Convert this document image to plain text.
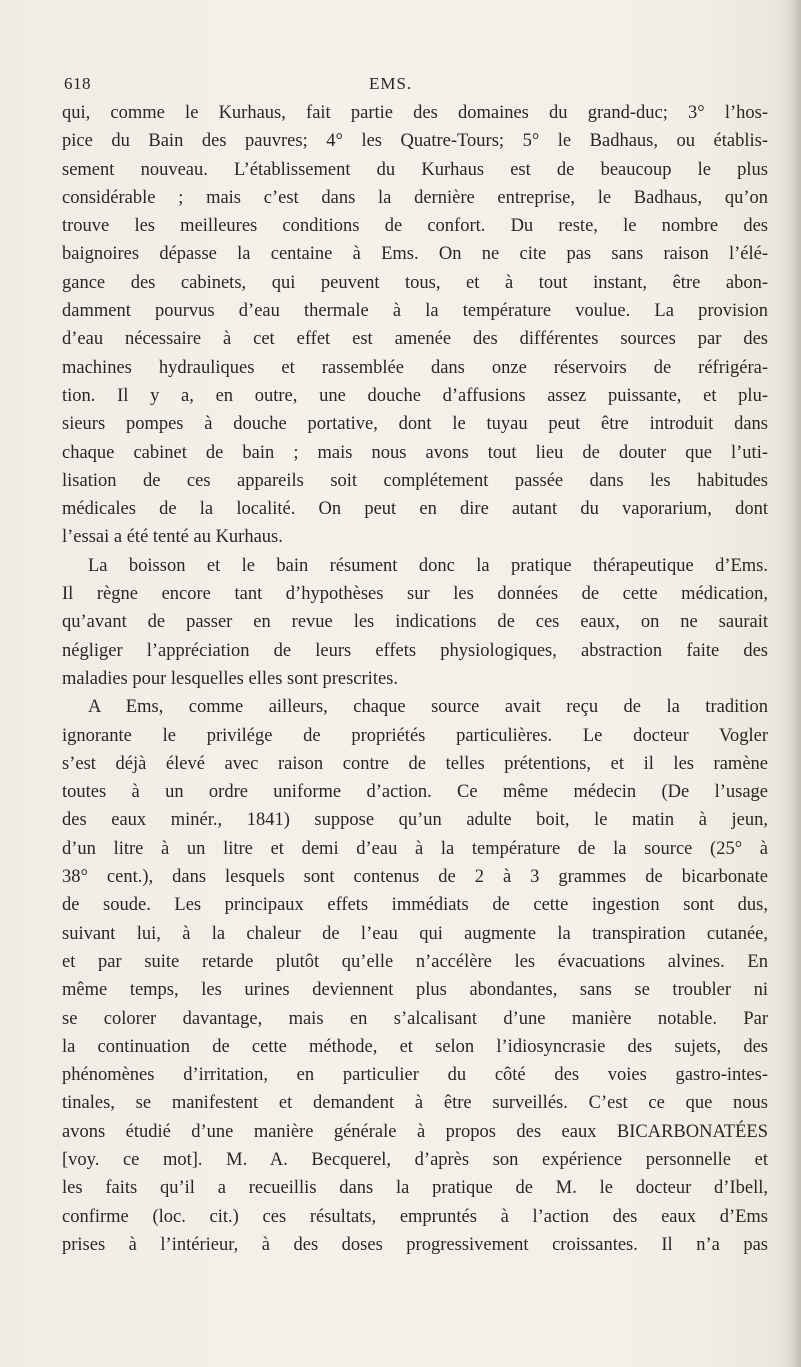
618	EMS.
qui, comme le Kurhaus, fait partie des domaines du grand-duc; 3° l’hos-
pice du Bain des pauvres; 4° les Quatre-Tours; 5° le Badhaus, ou établis-
sement nouveau. L’établissement du Kurhaus est de beaucoup le plus
considérable ; mais c’est dans la dernière entreprise, le Badhaus, qu’on
trouve les meilleures conditions de confort. Du reste, le nombre des
baignoires dépasse la centaine à Ems. On ne cite pas sans raison l’élé-
gance des cabinets, qui peuvent tous, et à tout instant, être abon-
damment pourvus d’eau thermale à la température voulue. La provision
d’eau nécessaire à cet effet est amenée des différentes sources par des
machines hydrauliques et rassemblée dans onze réservoirs de réfrigéra-
tion. Il y a, en outre, une douche d’affusions assez puissante, et plu-
sieurs pompes à douche portative, dont le tuyau peut être introduit dans
chaque cabinet de bain ; mais nous avons tout lieu de douter que l’uti-
lisation de ces appareils soit complétement passée dans les habitudes
médicales de la localité. On peut en dire autant du vaporarium, dont
l’essai a été tenté au Kurhaus.
La boisson et le bain résument donc la pratique thérapeutique d’Ems.
Il règne encore tant d’hypothèses sur les données de cette médication,
qu’avant de passer en revue les indications de ces eaux, on ne saurait
négliger l’appréciation de leurs effets physiologiques, abstraction faite des
maladies pour lesquelles elles sont prescrites.
A Ems, comme ailleurs, chaque source avait reçu de la tradition
ignorante le privilége de propriétés particulières. Le docteur Vogler
s’est déjà élevé avec raison contre de telles prétentions, et il les ramène
toutes à un ordre uniforme d’action. Ce même médecin (De l’usage
des eaux minér., 1841) suppose qu’un adulte boit, le matin à jeun,
d’un litre à un litre et demi d’eau à la température de la source (25° à
38° cent.), dans lesquels sont contenus de 2 à 3 grammes de bicarbonate
de soude. Les principaux effets immédiats de cette ingestion sont dus,
suivant lui, à la chaleur de l’eau qui augmente la transpiration cutanée,
et par suite retarde plutôt qu’elle n’accélère les évacuations alvines. En
même temps, les urines deviennent plus abondantes, sans se troubler ni
se colorer davantage, mais en s’alcalisant d’une manière notable. Par
la continuation de cette méthode, et selon l’idiosyncrasie des sujets, des
phénomènes d’irritation, en particulier du côté des voies gastro-intes-
tinales, se manifestent et demandent à être surveillés. C’est ce que nous
avons étudié d’une manière générale à propos des eaux BICARBONATÉES
[voy. ce mot]. M. A. Becquerel, d’après son expérience personnelle et
les faits qu’il a recueillis dans la pratique de M. le docteur d’Ibell,
confirme (loc. cit.) ces résultats, empruntés à l’action des eaux d’Ems
prises à l’intérieur, à des doses progressivement croissantes. Il n’a pas
